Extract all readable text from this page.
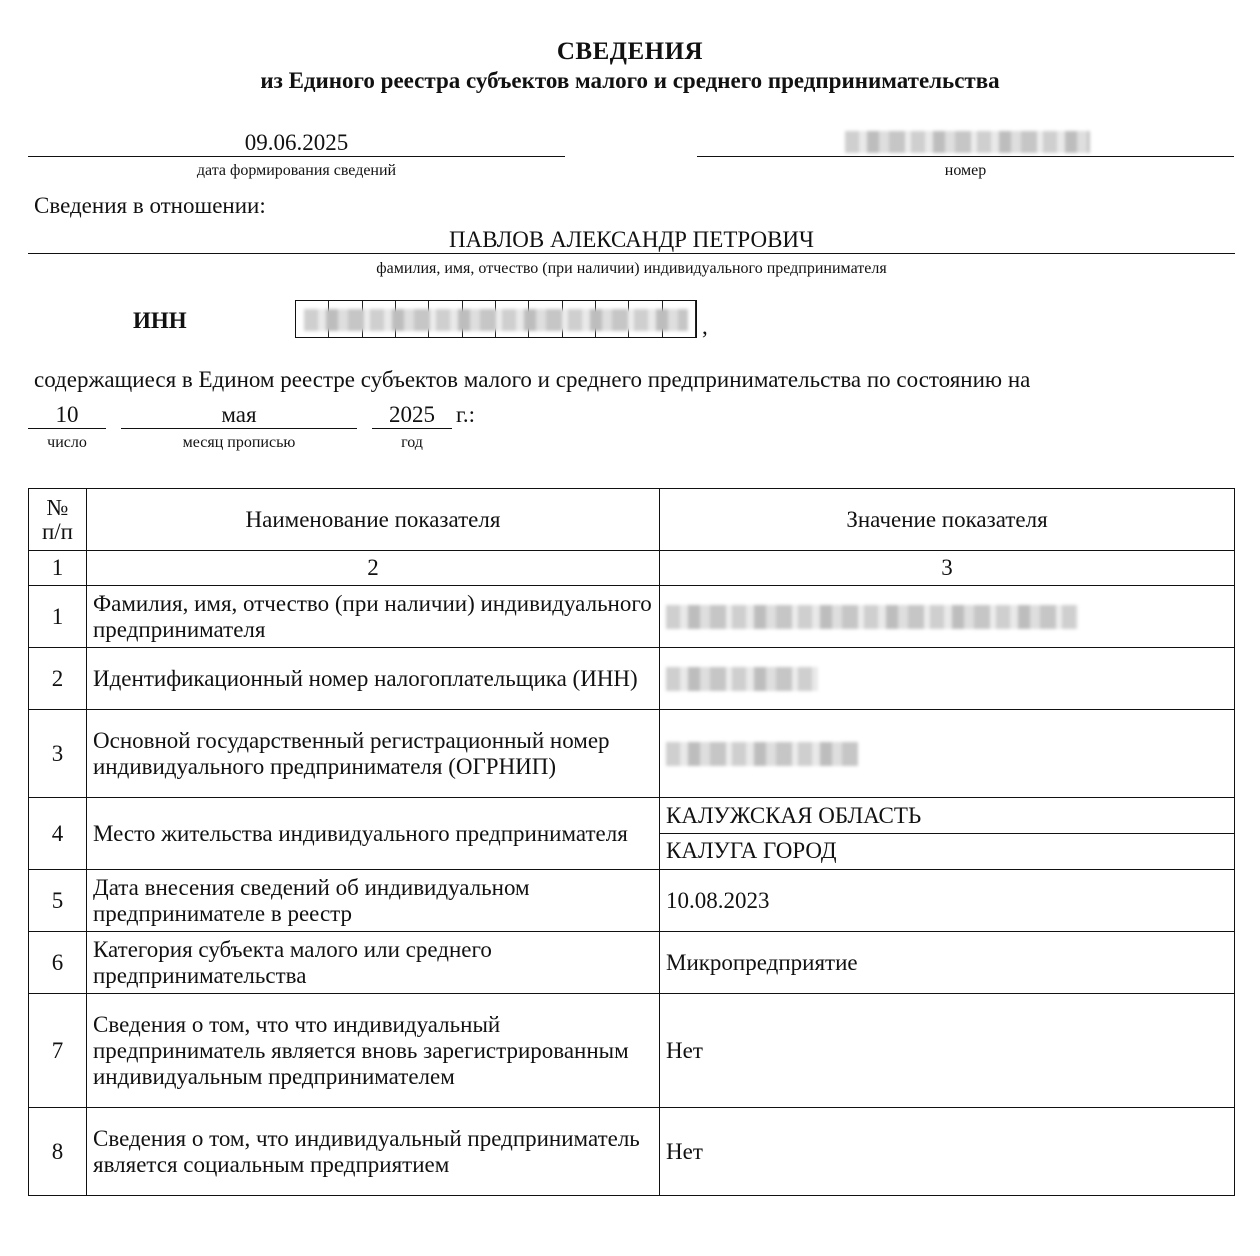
СВЕДЕНИЯ
из Единого реестра субъектов малого и среднего предпринимательства
09.06.2025
дата формирования сведений	номер
Сведения в отношении:
ПАВЛОВ АЛЕКСАНДР ПЕТРОВИЧ
фамилия, имя, отчество (при наличии) индивидуального предпринимателя
ИНН	,
содержащиеся в Едином реестре субъектов малого и среднего предпринимательства по состоянию на
10
число
мая
месяц прописью
2025
год
г.:
№ п/п	Наименование показателя	Значение показателя
1	2	3
1	Фамилия, имя, отчество (при наличии) индивидуального предпринимателя	

2	Идентификационный номер налогоплательщика (ИНН)	

3	Основной государственный регистрационный номер индивидуального предпринимателя (ОГРНИП)	

4	Место жительства индивидуального предпринимателя	КАЛУЖСКАЯ ОБЛАСТЬ
КАЛУГА ГОРОД

5	Дата внесения сведений об индивидуальном предпринимателе в реестр	10.08.2023
6	Категория субъекта малого или среднего предпринимательства	Микропредприятие
7	Сведения о том, что что индивидуальный предприниматель является вновь зарегистрированным индивидуальным предпринимателем	Нет
8	Сведения о том, что индивидуальный предприниматель является социальным предприятием	Нет
